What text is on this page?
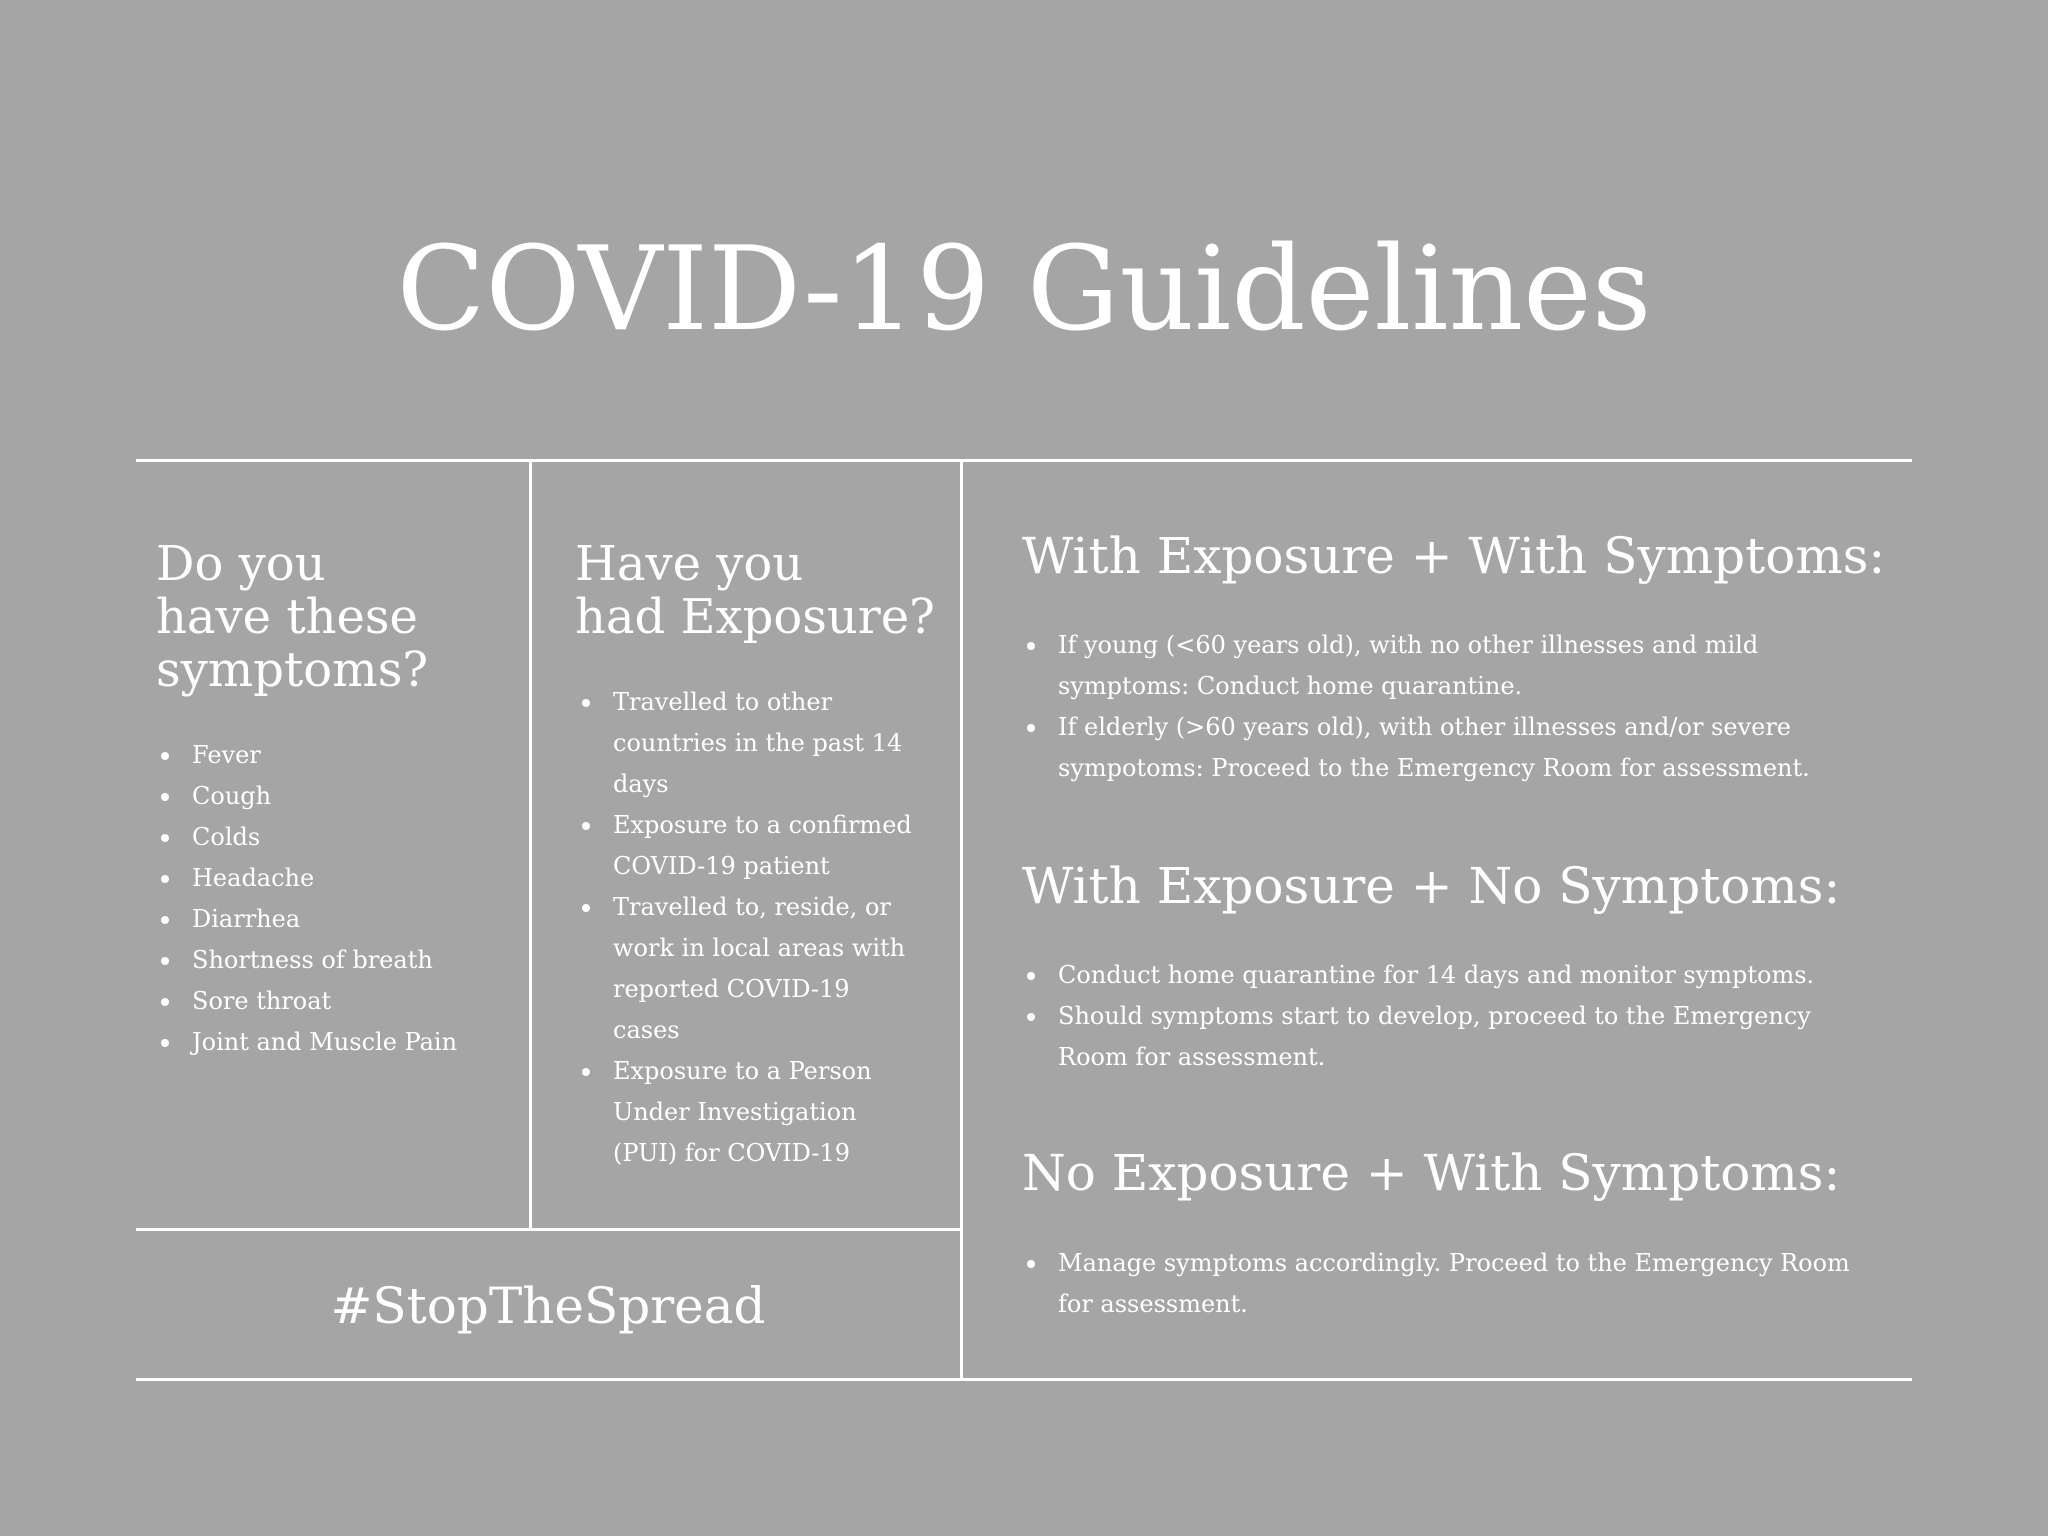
COVID-19 Guidelines
Do you
have these
symptoms?
Fever
Cough
Colds
Headache
Diarrhea
Shortness of breath
Sore throat
Joint and Muscle Pain
Have you
had Exposure?
Travelled to other countries in the past 14 days
Exposure to a confirmed COVID-19 patient
Travelled to, reside, or work in local areas with reported COVID-19 cases
Exposure to a Person Under Investigation (PUI) for COVID-19
With Exposure + With Symptoms:
If young (<60 years old), with no other illnesses and mild symptoms: Conduct home quarantine.
If elderly (>60 years old), with other illnesses and/or severe sympotoms: Proceed to the Emergency Room for assessment.
With Exposure + No Symptoms:
Conduct home quarantine for 14 days and monitor symptoms.
Should symptoms start to develop, proceed to the Emergency Room for assessment.
No Exposure + With Symptoms:
Manage symptoms accordingly. Proceed to the Emergency Room for assessment.

#StopTheSpread
